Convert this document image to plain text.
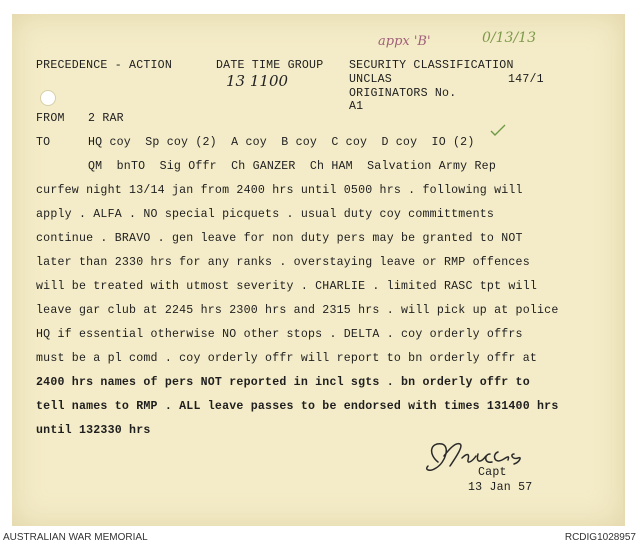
appx 'B'	0/13/13
PRECEDENCE - ACTION	DATE TIME GROUP
13 1100
SECURITY CLASSIFICATION
UNCLAS	147/1
ORIGINATORS No.
A1
FROM 2 RAR
TO	HQ coy  Sp coy (2)  A coy  B coy  C coy  D coy  IO (2)
QM  bnTO  Sig Offr  Ch GANZER  Ch HAM  Salvation Army Rep
curfew night 13/14 jan from 2400 hrs until 0500 hrs . following will
apply . ALFA . NO special picquets . usual duty coy committments
continue . BRAVO . gen leave for non duty pers may be granted to NOT
later than 2330 hrs for any ranks . overstaying leave or RMP offences
will be treated with utmost severity . CHARLIE . limited RASC tpt will
leave gar club at 2245 hrs 2300 hrs and 2315 hrs . will pick up at police
HQ if essential otherwise NO other stops . DELTA . coy orderly offrs
must be a pl comd . coy orderly offr will report to bn orderly offr at
2400 hrs names of pers NOT reported in incl sgts . bn orderly offr to
tell names to RMP . ALL leave passes to be endorsed with times 131400 hrs
until 132330 hrs
Capt
13 Jan 57
AUSTRALIAN WAR MEMORIAL	RCDIG1028957
